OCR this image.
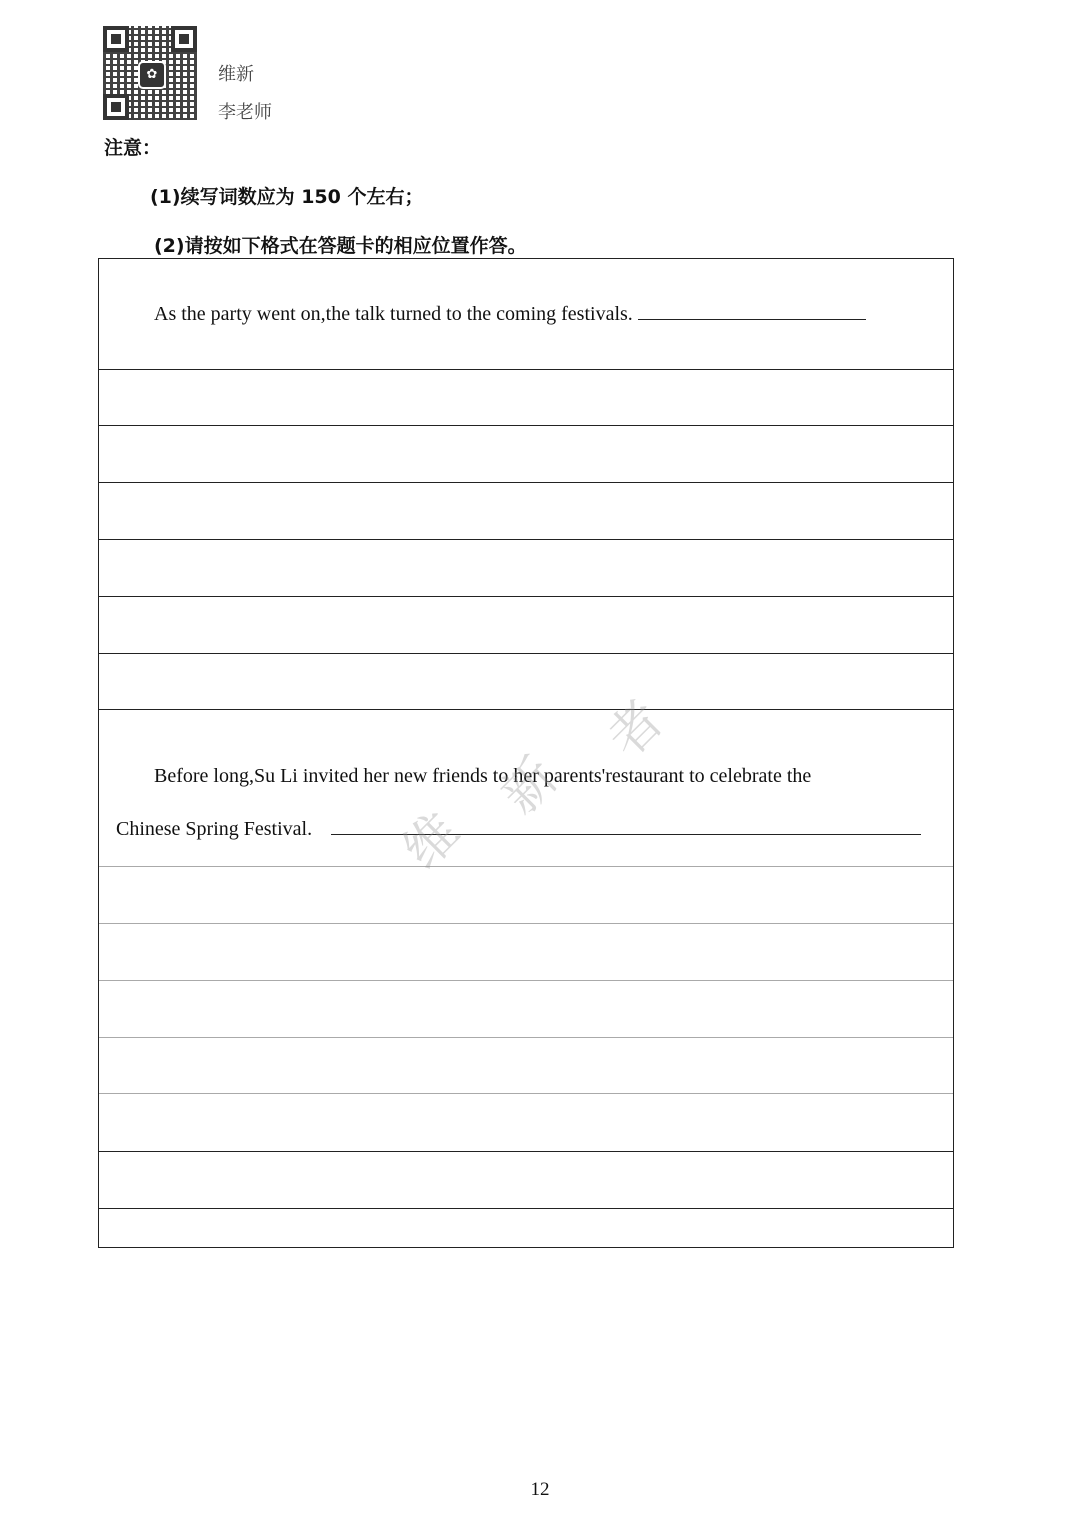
✿	维新
李老师
注意：
(1)续写词数应为 150 个左右；
(2)请按如下格式在答题卡的相应位置作答。
As the party went on,the talk turned to the coming festivals.
Before long,Su Li invited her new friends to her parents'restaurant to celebrate the
Chinese Spring Festival.	维
新
者
12
